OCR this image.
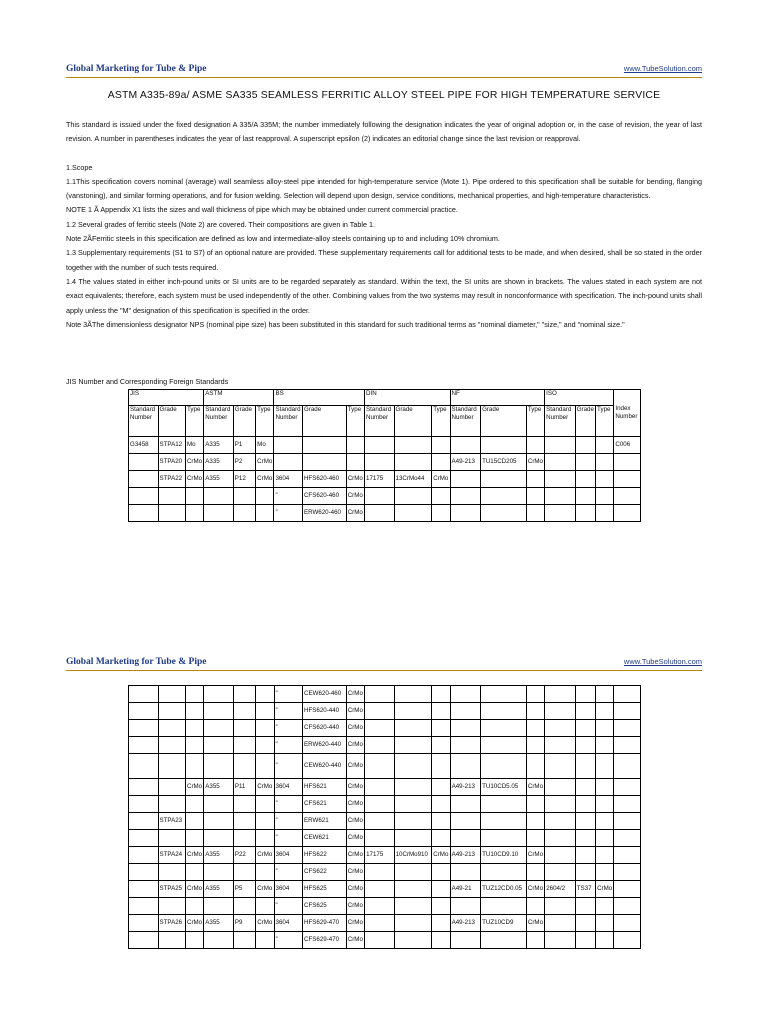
Global Marketing for Tube & Pipe	www.TubeSolution.com
ASTM A335-89a/ ASME SA335 SEAMLESS FERRITIC ALLOY STEEL PIPE FOR HIGH TEMPERATURE SERVICE

This standard is issued under the fixed designation A 335/A 335M; the number immediately following the designation indicates the year of original adoption or, in the case of revision, the year of last revision. A number in parentheses indicates the year of last reapproval. A superscript epsilon (2) indicates an editorial change since the last revision or reapproval.

1.Scope

1.1This specification covers nominal (average) wall seamless alloy-steel pipe intended for high-temperature service (Mote 1). Pipe ordered to this specification shall be suitable for bending, flanging (vanstoning), and similar forming operations, and for fusion welding. Selection will depend upon design, service conditions, mechanical properties, and high-temperature characteristics.

NOTE 1 Ã Appendix X1 lists the sizes and wall thickness of pipe which may be obtained under current commercial practice.

1.2 Several grades of ferritic steels (Note 2) are covered. Their compositions are given in Table 1.

Note 2ÃFerritic steels in this specification are defined as low and intermediate-alloy steels containing up to and including 10% chromium.

1.3 Supplementary requirements (S1 to S7) of an optional nature are provided. These supplementary requirements call for additional tests to be made, and when desired, shall be so stated in the order together with the number of such tests required.

1.4 The values stated in either inch-pound units or SI units are to be regarded separately as standard. Within the text, the SI units are shown in brackets. The values stated in each system are not exact equivalents; therefore, each system must be used independently of the other. Combining values from the two systems may result in nonconformance with specification. The inch-pound units shall apply unless the "M" designation of this specification is specified in the order.

Note 3ÃThe dimensionless designator NPS (nominal pipe size) has been substituted in this standard for such traditional terms as "nominal diameter," "size," and "nominal size."

JIS Number and Corresponding Foreign Standards
JIS			ASTM			BS			DIN			NF			ISO			Index Number
Standard Number	Grade	Type	Standard Number	Grade	Type	Standard Number	Grade	Type	Standard Number	Grade	Type	Standard Number	Grade	Type	Standard Number	Grade	Type	
G3458	STPA12	Mo	A335	P1	Mo													C006
	STPA20	CrMo	A335	P2	CrMo							A49-213	TU15CD205	CrMo				
	STPA22	CrMo	A355	P12	CrMo	3604	HFS620-460	CrMo	17175	13CrMo44	CrMo							
						"	CFS620-460	CrMo										
						"	ERW620-460	CrMo										
Global Marketing for Tube & Pipe	www.TubeSolution.com
						"	CEW620-460	CrMo										
						"	HFS620-440	CrMo										
						"	CFS620-440	CrMo										
						"	ERW620-440	CrMo										
						"	CEW620-440	CrMo										
		CrMo	A355	P11	CrMo	3604	HFS621	CrMo				A49-213	TU10CD5.05	CrMo				
						"	CFS621	CrMo										
	STPA23					"	ERW621	CrMo										
						"	CEW621	CrMo										
	STPA24	CrMo	A355	P22	CrMo	3604	HFS622	CrMo	17175	10CrMo910	CrMo	A49-213	TU10CD9.10	CrMo				
						"	CFS622	CrMo										
	STPA25	CrMo	A355	P5	CrMo	3604	HFS625	CrMo				A49-21	TUZ12CD0.05	CrMo	2604/2	TS37	CrMo	
						"	CFS625	CrMo										
	STPA26	CrMo	A355	P9	CrMo	3604	HFS629-470	CrMo				A49-213	TUZ10CD9	CrMo				
						"	CFS629-470	CrMo										
